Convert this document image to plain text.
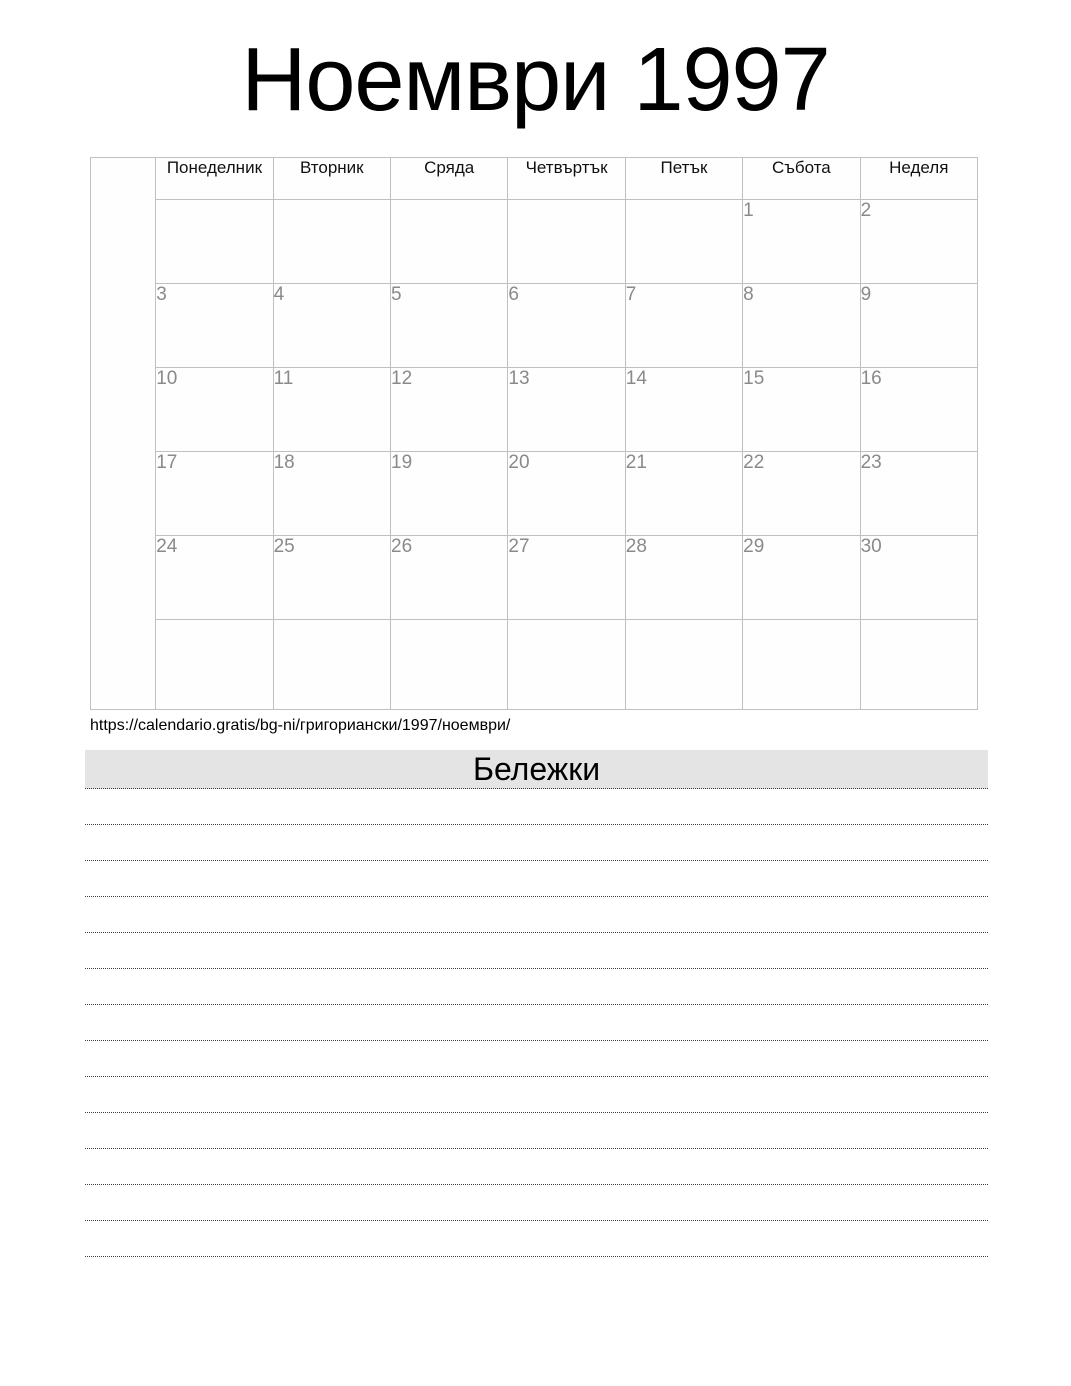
Ноември 1997
	Понеделник	Вторник	Сряда	Четвъртък	Петък	Събота	Неделя
						1	2
	3	4	5	6	7	8	9
	10	11	12	13	14	15	16
	17	18	19	20	21	22	23
	24	25	26	27	28	29	30

https://calendario.gratis/bg-ni/григориански/1997/ноември/
Бележки
